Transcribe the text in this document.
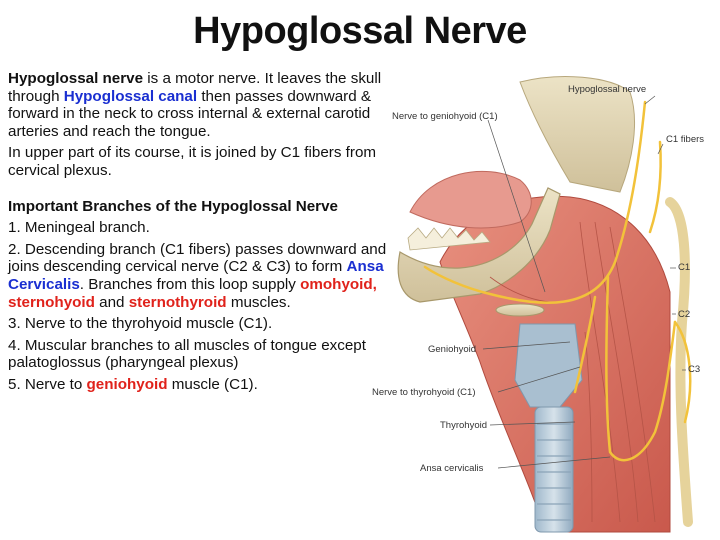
Hypoglossal Nerve

Hypoglossal nerve is a motor nerve. It leaves the skull through Hypoglossal canal then passes downward & forward in the neck to cross internal & external carotid arteries and reach the tongue.

In upper part of its course, it is joined by C1 fibers from cervical plexus.

Important Branches of the Hypoglossal Nerve

1. Meningeal branch.

2. Descending branch (C1 fibers) passes downward and joins descending cervical nerve (C2 & C3) to form Ansa Cervicalis. Branches from this loop supply omohyoid, sternohyoid and sternothyroid muscles.

3. Nerve to the thyrohyoid muscle (C1).

4. Muscular branches to all muscles of tongue except palatoglossus (pharyngeal plexus)

5. Nerve to geniohyoid muscle (C1).

Hypoglossal nerve
Nerve to geniohyoid (C1)
C1 fibers
C1
C2
C3
Geniohyoid
Nerve to thyrohyoid (C1)
Thyrohyoid
Ansa cervicalis
